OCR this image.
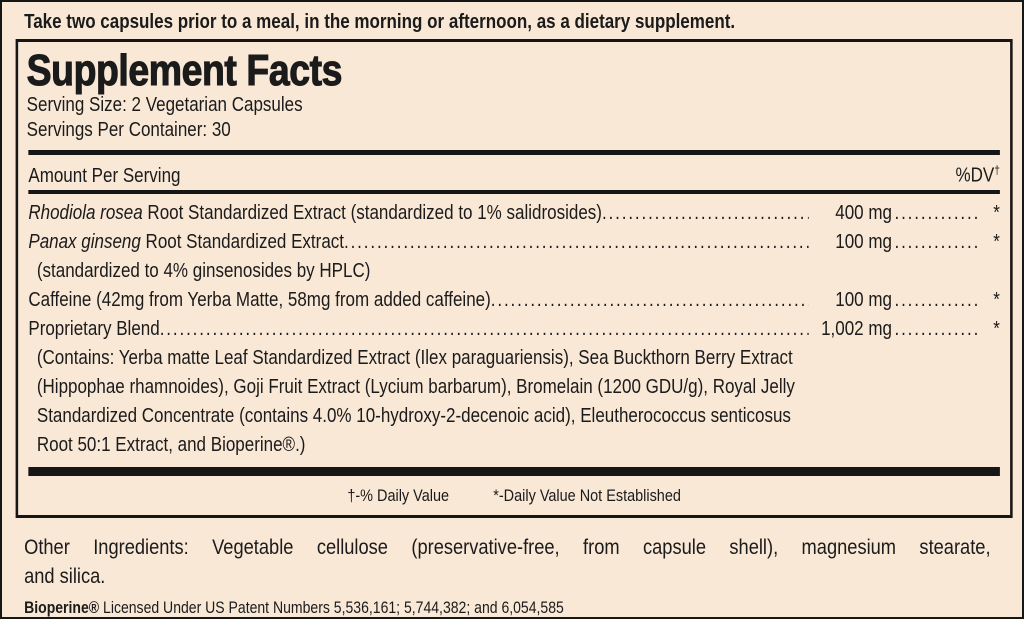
Take two capsules prior to a meal, in the morning or afternoon, as a dietary supplement.
Supplement Facts
Serving Size: 2 Vegetarian Capsules
Servings Per Container: 30
Amount Per Serving	%DV†
Rhodiola rosea Root Standardized Extract (standardized to 1% salidrosides) .....	400 mg .....	*
Panax ginseng Root Standardized Extract .....	100 mg .....	*
(standardized to 4% ginsenosides by HPLC)
Caffeine (42mg from Yerba Matte, 58mg from added caffeine) .....	100 mg .....	*
Proprietary Blend .....	1,002 mg .....	*
(Contains: Yerba matte Leaf Standardized Extract (Ilex paraguariensis), Sea Buckthorn Berry Extract
(Hippophae rhamnoides), Goji Fruit Extract (Lycium barbarum), Bromelain (1200 GDU/g), Royal Jelly
Standardized Concentrate (contains 4.0% 10-hydroxy-2-decenoic acid), Eleutherococcus senticosus
Root 50:1 Extract, and Bioperine®.)
†-% Daily Value	*-Daily Value Not Established
Other Ingredients: Vegetable cellulose (preservative-free, from capsule shell), magnesium stearate,
and silica.
Bioperine® Licensed Under US Patent Numbers 5,536,161; 5,744,382; and 6,054,585
